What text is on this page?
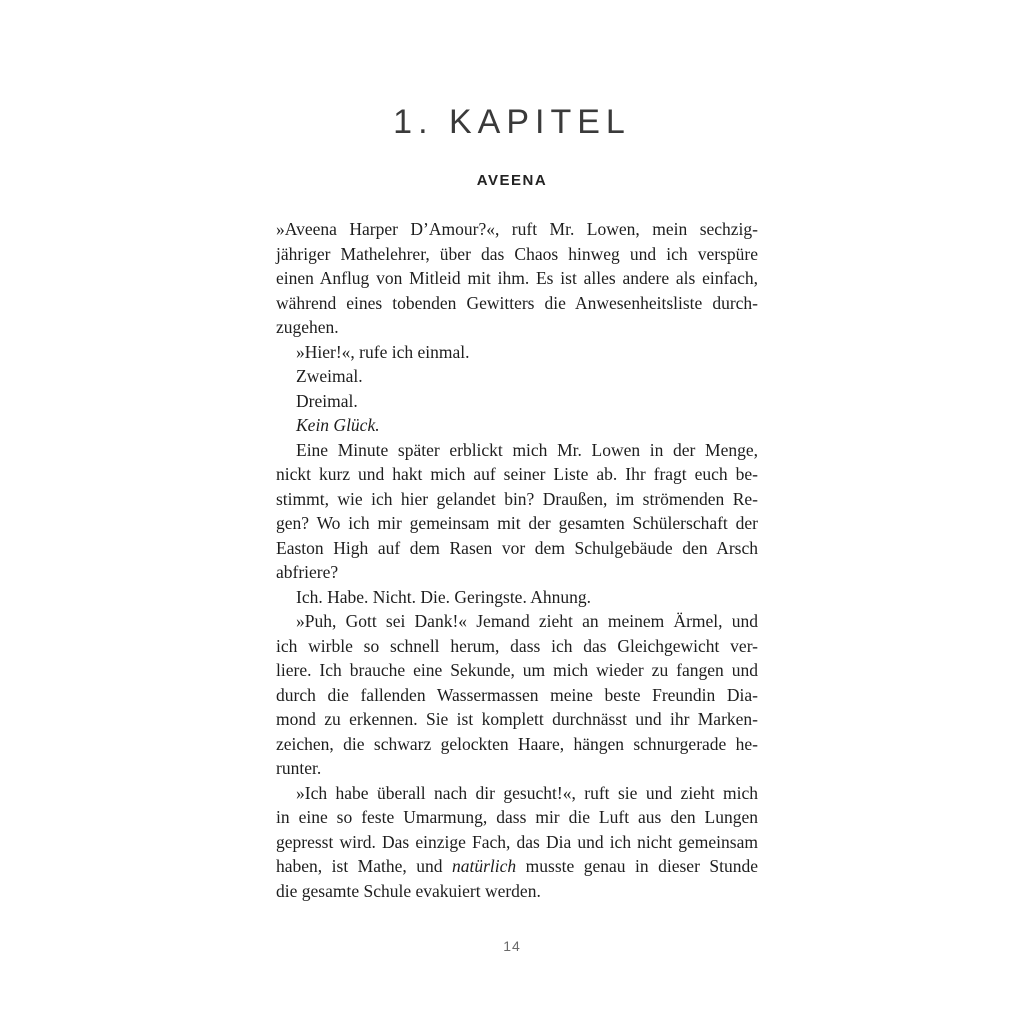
1. KAPITEL
AVEENA
»Aveena Harper D’Amour?«, ruft Mr. Lowen, mein sechzig-
jähriger Mathelehrer, über das Chaos hinweg und ich verspüre
einen Anflug von Mitleid mit ihm. Es ist alles andere als einfach,
während eines tobenden Gewitters die Anwesenheitsliste durch-
zugehen.
»Hier!«, rufe ich einmal.
Zweimal.
Dreimal.
Kein Glück.
Eine Minute später erblickt mich Mr. Lowen in der Menge,
nickt kurz und hakt mich auf seiner Liste ab. Ihr fragt euch be-
stimmt, wie ich hier gelandet bin? Draußen, im strömenden Re-
gen? Wo ich mir gemeinsam mit der gesamten Schülerschaft der
Easton High auf dem Rasen vor dem Schulgebäude den Arsch
abfriere?
Ich. Habe. Nicht. Die. Geringste. Ahnung.
»Puh, Gott sei Dank!« Jemand zieht an meinem Ärmel, und
ich wirble so schnell herum, dass ich das Gleichgewicht ver-
liere. Ich brauche eine Sekunde, um mich wieder zu fangen und
durch die fallenden Wassermassen meine beste Freundin Dia-
mond zu erkennen. Sie ist komplett durchnässt und ihr Marken-
zeichen, die schwarz gelockten Haare, hängen schnurgerade he-
runter.
»Ich habe überall nach dir gesucht!«, ruft sie und zieht mich
in eine so feste Umarmung, dass mir die Luft aus den Lungen
gepresst wird. Das einzige Fach, das Dia und ich nicht gemeinsam
haben, ist Mathe, und natürlich musste genau in dieser Stunde
die gesamte Schule evakuiert werden.
14
